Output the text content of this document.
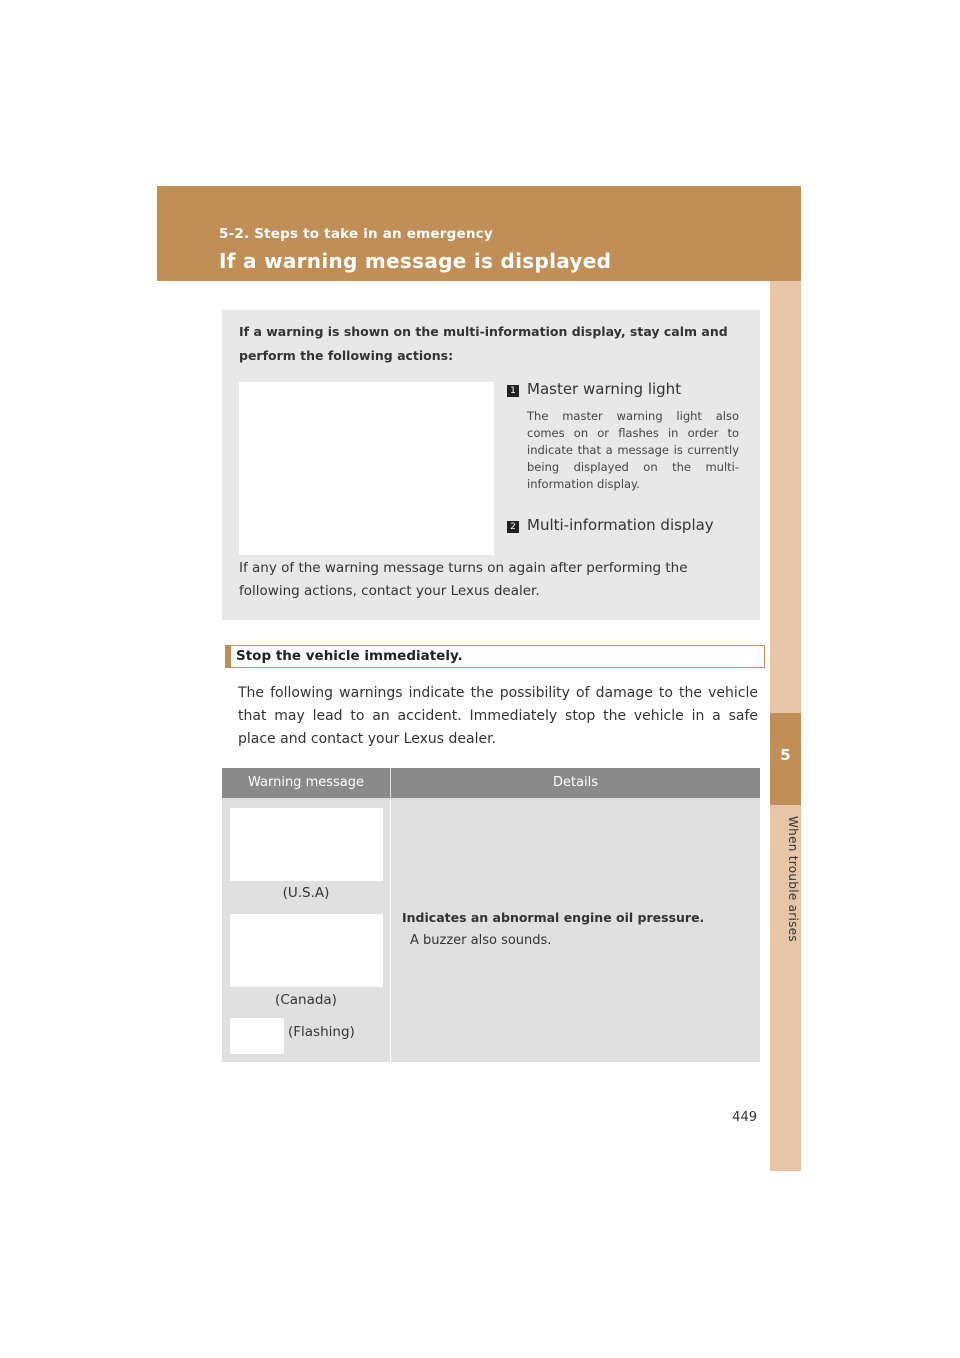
5-2. Steps to take in an emergency
If a warning message is displayed
5
When trouble arises
If a warning is shown on the multi-information display, stay calm and perform the following actions:
1 Master warning light
The master warning light also comes on or flashes in order to indicate that a message is currently being displayed on the multi-information display.
2 Multi-information display
If any of the warning message turns on again after performing the following actions, contact your Lexus dealer.
Stop the vehicle immediately.
The following warnings indicate the possibility of damage to the vehicle that may lead to an accident. Immediately stop the vehicle in a safe place and contact your Lexus dealer.
Warning message	Details
(U.S.A)
(Canada)
(Flashing)
Indicates an abnormal engine oil pressure.
A buzzer also sounds.
449
